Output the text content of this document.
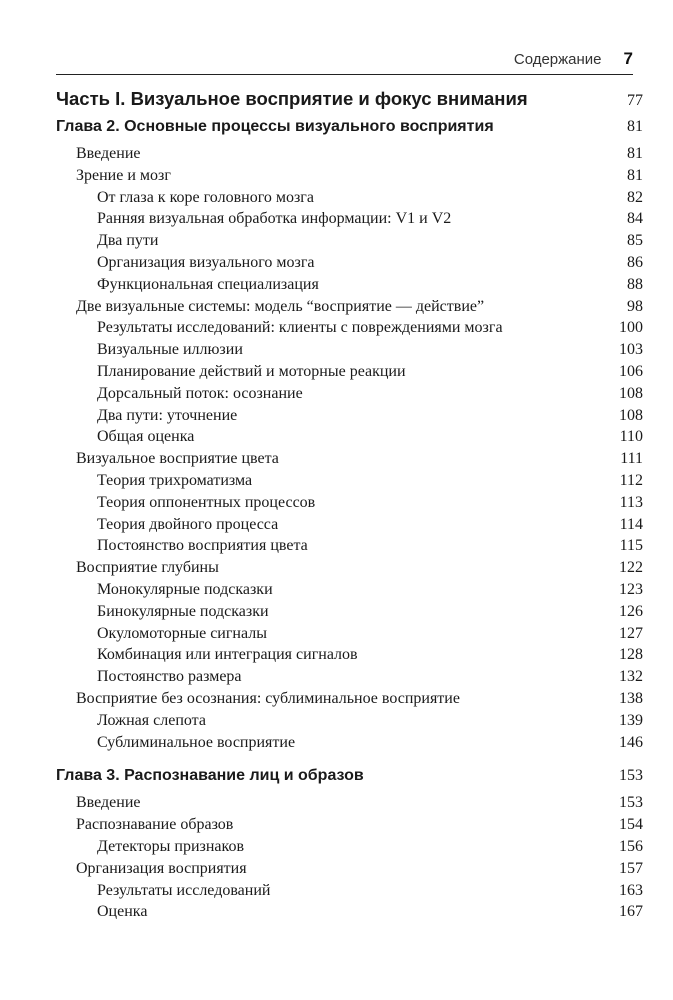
Содержание 7
Часть I. Визуальное восприятие и фокус внимания	77
Глава 2. Основные процессы визуального восприятия	81
Введение	81
Зрение и мозг	81
От глаза к коре головного мозга	82
Ранняя визуальная обработка информации: V1 и V2	84
Два пути	85
Организация визуального мозга	86
Функциональная специализация	88
Две визуальные системы: модель “восприятие — действие”	98
Результаты исследований: клиенты с повреждениями мозга	100
Визуальные иллюзии	103
Планирование действий и моторные реакции	106
Дорсальный поток: осознание	108
Два пути: уточнение	108
Общая оценка	110
Визуальное восприятие цвета	111
Теория трихроматизма	112
Теория оппонентных процессов	113
Теория двойного процесса	114
Постоянство восприятия цвета	115
Восприятие глубины	122
Монокулярные подсказки	123
Бинокулярные подсказки	126
Окуломоторные сигналы	127
Комбинация или интеграция сигналов	128
Постоянство размера	132
Восприятие без осознания: сублиминальное восприятие	138
Ложная слепота	139
Сублиминальное восприятие	146
Глава 3. Распознавание лиц и образов	153
Введение	153
Распознавание образов	154
Детекторы признаков	156
Организация восприятия	157
Результаты исследований	163
Оценка	167
